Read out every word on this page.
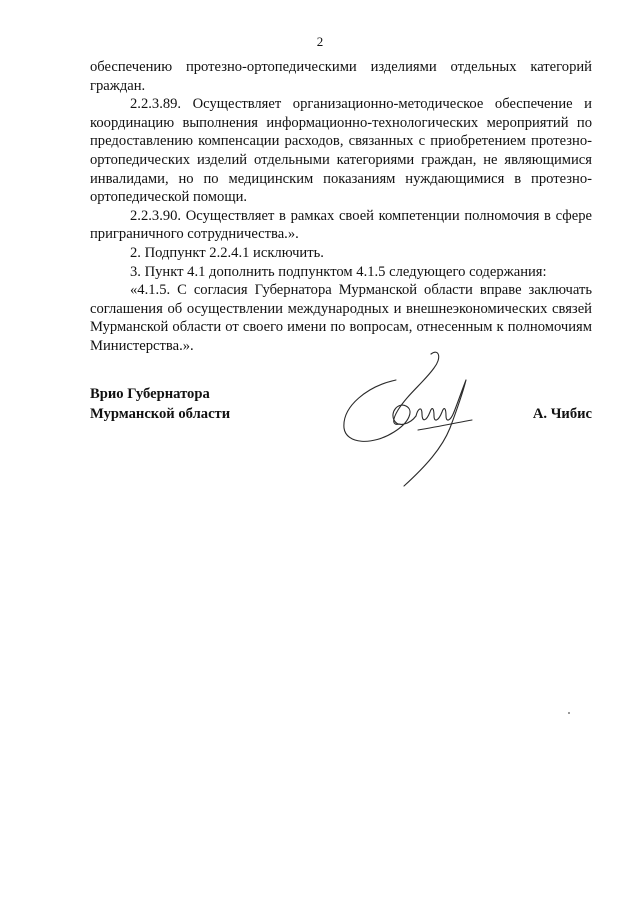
2

обеспечению протезно-ортопедическими изделиями отдельных категорий граждан.

2.2.3.89. Осуществляет организационно-методическое обеспечение и координацию выполнения информационно-технологических мероприятий по предоставлению компенсации расходов, связанных с приобретением протезно-ортопедических изделий отдельными категориями граждан, не являющимися инвалидами, но по медицинским показаниям нуждающимися в протезно-ортопедической помощи.

2.2.3.90. Осуществляет в рамках своей компетенции полномочия в сфере приграничного сотрудничества.».

2. Подпункт 2.2.4.1 исключить.

3. Пункт 4.1 дополнить подпунктом 4.1.5 следующего содержания:

«4.1.5. С согласия Губернатора Мурманской области вправе заключать соглашения об осуществлении международных и внешнеэкономических связей Мурманской области от своего имени по вопросам, отнесенным к полномочиям Министерства.».

Врио Губернатора
Мурманской области	А. Чибис
